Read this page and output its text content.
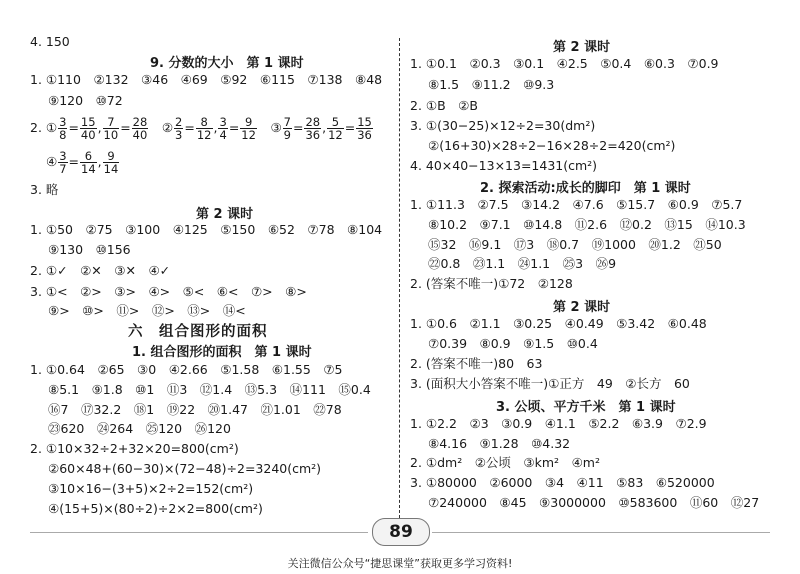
4. 150
9. 分数的大小　第 1 课时
1. ①110　②132　③46　④69　⑤92　⑥115　⑦138　⑧48
⑨120　⑩72
2. ① $\frac{3}{8} = \frac{15}{40}$ , $\frac{7}{10} = \frac{28}{40}$
　 ② $\frac{2}{3} = \frac{8}{12}$ , $\frac{3}{4} = \frac{9}{12}$
　 ③ $\frac{7}{9} = \frac{28}{36}$ , $\frac{5}{12} = \frac{15}{36}$
④ $\frac{3}{7} = \frac{6}{14}$ , $\frac{9}{14}$
3. 略
第 2 课时
1. ①50　②75　③100　④125　⑤150　⑥52　⑦78　⑧104
⑨130　⑩156
2. ①✓　②✕　③✕　④✓
3. ①<　②>　③>　④>　⑤<　⑥<　⑦>　⑧>
⑨>　⑩>　⑪>　⑫>　⑬>　⑭<
六　组合图形的面积
1. 组合图形的面积　第 1 课时
1. ①0.64　②65　③0　④2.66　⑤1.58　⑥1.55　⑦5
⑧5.1　⑨1.8　⑩1　⑪3　⑫1.4　⑬5.3　⑭111　⑮0.4
⑯7　⑰32.2　⑱1　⑲22　⑳1.47　㉑1.01　㉒78
㉓620　㉔264　㉕120　㉖120
2. ①10×32÷2+32×20=800(cm²)
②60×48+(60−30)×(72−48)÷2=3240(cm²)
③10×16−(3+5)×2÷2=152(cm²)
④(15+5)×(80÷2)÷2×2=800(cm²)
第 2 课时
1. ①0.1　②0.3　③0.1　④2.5　⑤0.4　⑥0.3　⑦0.9
⑧1.5　⑨11.2　⑩9.3
2. ①B　②B
3. ①(30−25)×12÷2=30(dm²)
②(16+30)×28÷2−16×28÷2=420(cm²)
4. 40×40−13×13=1431(cm²)
2. 探索活动:成长的脚印　第 1 课时
1. ①11.3　②7.5　③14.2　④7.6　⑤15.7　⑥0.9　⑦5.7
⑧10.2　⑨7.1　⑩14.8　⑪2.6　⑫0.2　⑬15　⑭10.3
⑮32　⑯9.1　⑰3　⑱0.7　⑲1000　⑳1.2　㉑50
㉒0.8　㉓1.1　㉔1.1　㉕3　㉖9
2. (答案不唯一)①72　②128
第 2 课时
1. ①0.6　②1.1　③0.25　④0.49　⑤3.42　⑥0.48
⑦0.39　⑧0.9　⑨1.5　⑩0.4
2. (答案不唯一)80　63
3. (面积大小答案不唯一)①正方　49　②长方　60
3. 公顷、平方千米　第 1 课时
1. ①2.2　②3　③0.9　④1.1　⑤2.2　⑥3.9　⑦2.9
⑧4.16　⑨1.28　⑩4.32
2. ①dm²　②公顷　③km²　④m²
3. ①80000　②6000　③4　④11　⑤83　⑥520000
⑦240000　⑧45　⑨3000000　⑩583600　⑪60　⑫27
89
关注微信公众号“捷思课堂”获取更多学习资料!
